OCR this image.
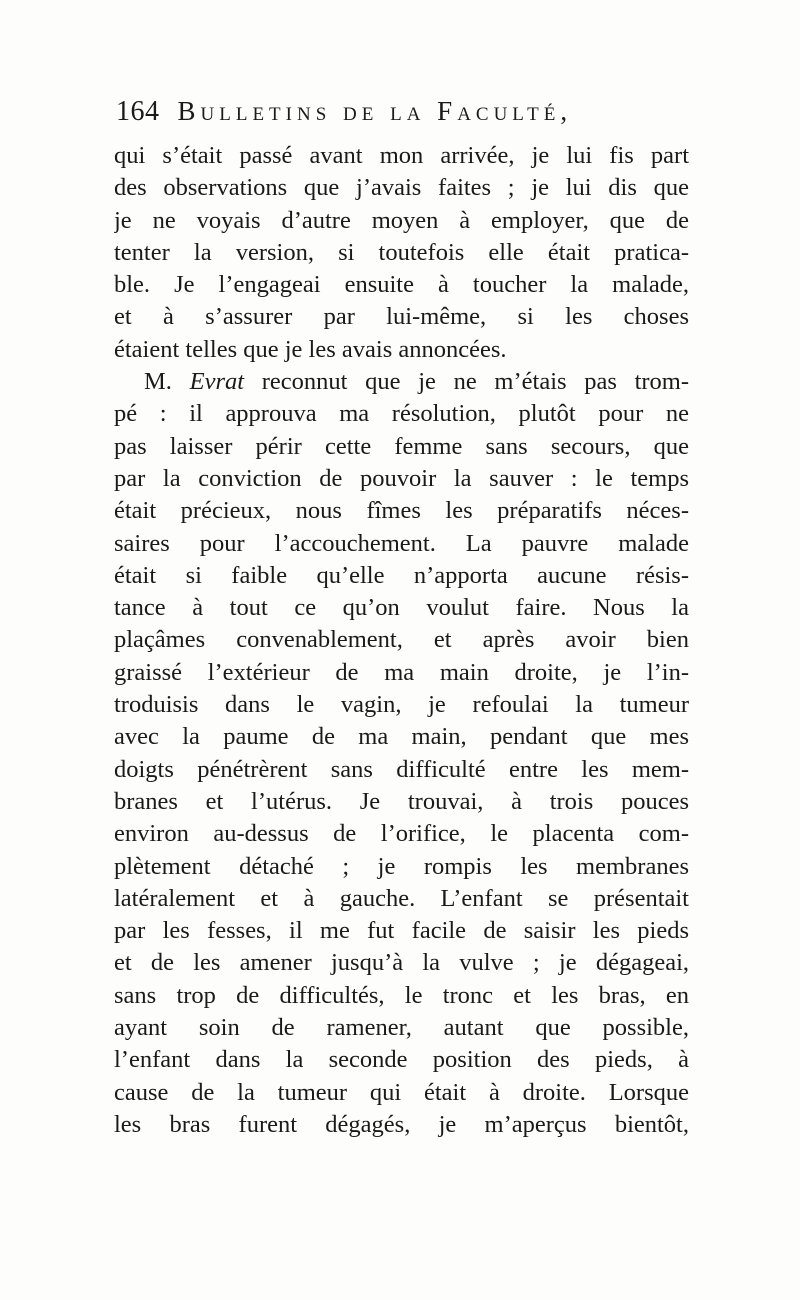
164 Bulletins de la Faculté,
qui s’était passé avant mon arrivée, je lui fis part
des observations que j’avais faites ; je lui dis que
je ne voyais d’autre moyen à employer, que de
tenter la version, si toutefois elle était pratica-
ble. Je l’engageai ensuite à toucher la malade,
et à s’assurer par lui-même, si les choses
étaient telles que je les avais annoncées.
M. Evrat reconnut que je ne m’étais pas trom-
pé : il approuva ma résolution, plutôt pour ne
pas laisser périr cette femme sans secours, que
par la conviction de pouvoir la sauver : le temps
était précieux, nous fîmes les préparatifs néces-
saires pour l’accouchement. La pauvre malade
était si faible qu’elle n’apporta aucune résis-
tance à tout ce qu’on voulut faire. Nous la
plaçâmes convenablement, et après avoir bien
graissé l’extérieur de ma main droite, je l’in-
troduisis dans le vagin, je refoulai la tumeur
avec la paume de ma main, pendant que mes
doigts pénétrèrent sans difficulté entre les mem-
branes et l’utérus. Je trouvai, à trois pouces
environ au-dessus de l’orifice, le placenta com-
plètement détaché ; je rompis les membranes
latéralement et à gauche. L’enfant se présentait
par les fesses, il me fut facile de saisir les pieds
et de les amener jusqu’à la vulve ; je dégageai,
sans trop de difficultés, le tronc et les bras, en
ayant soin de ramener, autant que possible,
l’enfant dans la seconde position des pieds, à
cause de la tumeur qui était à droite. Lorsque
les bras furent dégagés, je m’aperçus bientôt,
